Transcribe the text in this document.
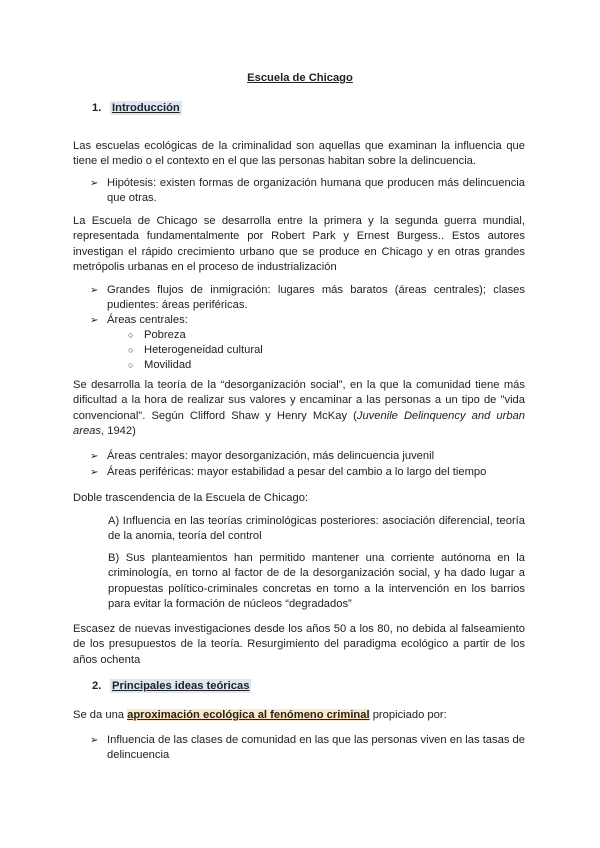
Escuela de Chicago
1. Introducción
Las escuelas ecológicas de la criminalidad son aquellas que examinan la influencia que tiene el medio o el contexto en el que las personas habitan sobre la delincuencia.
➢ Hipótesis: existen formas de organización humana que producen más delincuencia que otras.
La Escuela de Chicago se desarrolla entre la primera y la segunda guerra mundial, representada fundamentalmente por Robert Park y Ernest Burgess.. Estos autores investigan el rápido crecimiento urbano que se produce en Chicago y en otras grandes metrópolis urbanas en el proceso de industrialización
➢ Grandes flujos de inmigración: lugares más baratos (áreas centrales); clases pudientes: áreas periféricas.
➢ Áreas centrales:
○ Pobreza
○ Heterogeneidad cultural
○ Movilidad
Se desarrolla la teoría de la “desorganización social”, en la que la comunidad tiene más dificultad a la hora de realizar sus valores y encaminar a las personas a un tipo de "vida convencional". Según Clifford Shaw y Henry McKay (Juvenile Delinquency and urban areas, 1942)
➢ Áreas centrales: mayor desorganización, más delincuencia juvenil
➢ Áreas periféricas: mayor estabilidad a pesar del cambio a lo largo del tiempo
Doble trascendencia de la Escuela de Chicago:
A) Influencia en las teorías criminológicas posteriores: asociación diferencial, teoría de la anomia, teoría del control
B) Sus planteamientos han permitido mantener una corriente autónoma en la criminología, en torno al factor de de la desorganización social, y ha dado lugar a propuestas político-criminales concretas en torno a la intervención en los barrios para evitar la formación de núcleos “degradados”
Escasez de nuevas investigaciones desde los años 50 a los 80, no debida al falseamiento de los presupuestos de la teoría. Resurgimiento del paradigma ecológico a partir de los años ochenta
2. Principales ideas teóricas
Se da una aproximación ecológica al fenómeno criminal propiciado por:
➢ Influencia de las clases de comunidad en las que las personas viven en las tasas de delincuencia
